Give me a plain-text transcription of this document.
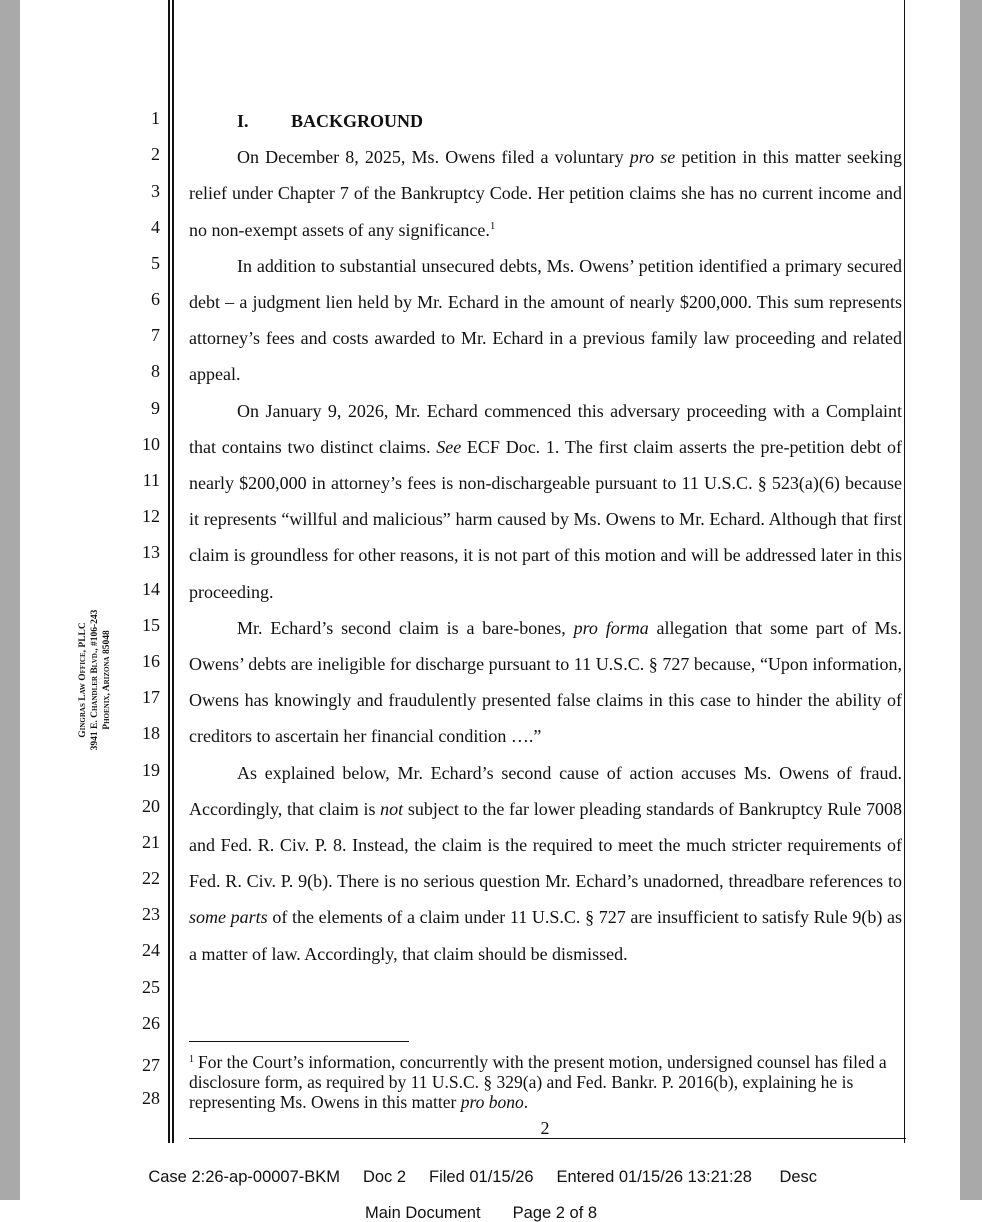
Gingras Law Office, PLLC 3941 E. Chandler Blvd., #106-243 Phoenix, Arizona 85048
1
2
3
4
5
6
7
8
9
10
11
12
13
14
15
16
17
18
19
20
21
22
23
24
25
26
27
28
I. BACKGROUND

On December 8, 2025, Ms. Owens filed a voluntary pro se petition in this matter seeking relief under Chapter 7 of the Bankruptcy Code. Her petition claims she has no current income and no non-exempt assets of any significance.$^1$

In addition to substantial unsecured debts, Ms. Owens’ petition identified a primary secured debt – a judgment lien held by Mr. Echard in the amount of nearly $200,000. This sum represents attorney’s fees and costs awarded to Mr. Echard in a previous family law proceeding and related appeal.

On January 9, 2026, Mr. Echard commenced this adversary proceeding with a Complaint that contains two distinct claims. See ECF Doc. 1. The first claim asserts the pre-petition debt of nearly $200,000 in attorney’s fees is non-dischargeable pursuant to 11 U.S.C. § 523(a)(6) because it represents “willful and malicious” harm caused by Ms. Owens to Mr. Echard. Although that first claim is groundless for other reasons, it is not part of this motion and will be addressed later in this proceeding.

Mr. Echard’s second claim is a bare-bones, pro forma allegation that some part of Ms. Owens’ debts are ineligible for discharge pursuant to 11 U.S.C. § 727 because, “Upon information, Owens has knowingly and fraudulently presented false claims in this case to hinder the ability of creditors to ascertain her financial condition ….”

As explained below, Mr. Echard’s second cause of action accuses Ms. Owens of fraud. Accordingly, that claim is not subject to the far lower pleading standards of Bankruptcy Rule 7008 and Fed. R. Civ. P. 8. Instead, the claim is the required to meet the much stricter requirements of Fed. R. Civ. P. 9(b). There is no serious question Mr. Echard’s unadorned, threadbare references to some parts of the elements of a claim under 11 U.S.C. § 727 are insufficient to satisfy Rule 9(b) as a matter of law. Accordingly, that claim should be dismissed.

$^1$ For the Court’s information, concurrently with the present motion, undersigned counsel has filed a disclosure form, as required by 11 U.S.C. § 329(a) and Fed. Bankr. P. 2016(b), explaining he is representing Ms. Owens in this matter pro bono.
2

Case 2:26-ap-00007-BKM Doc 2 Filed 01/15/26 Entered 01/15/26 13:21:28 Desc

Main Document Page 2 of 8
